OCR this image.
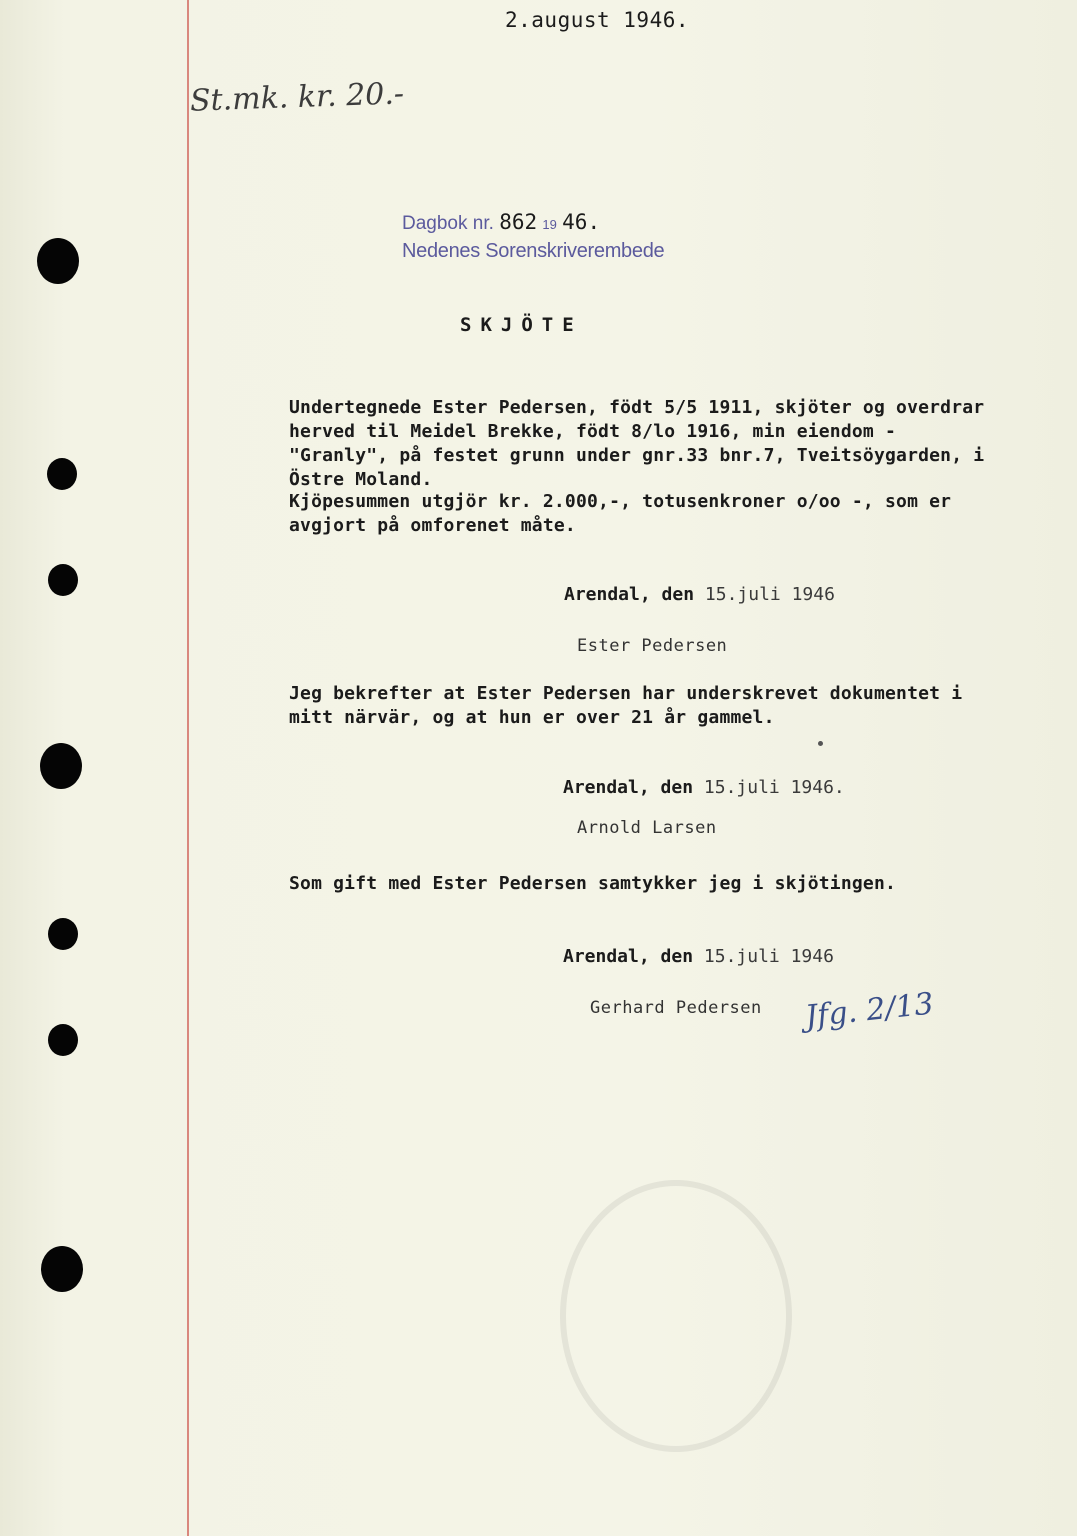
2.august 1946.
St.mk. kr. 20.-
Dagbok nr. 862 19 46.
Nedenes Sorenskriverembede
SKJÖTE
Undertegnede Ester Pedersen, födt 5/5 1911, skjöter og overdrar
herved til Meidel Brekke, födt 8/lo 1916, min eiendom -
"Granly", på festet grunn under gnr.33 bnr.7, Tveitsöygarden, i
Östre Moland.
Kjöpesummen utgjör kr. 2.000,-, totusenkroner o/oo -, som er
avgjort på omforenet måte.
Arendal, den 15.juli 1946
Ester Pedersen
Jeg bekrefter at Ester Pedersen har underskrevet dokumentet i
mitt närvär, og at hun er over 21 år gammel.
Arendal, den 15.juli 1946.
Arnold Larsen
Som gift med Ester Pedersen samtykker jeg i skjötingen.
Arendal, den 15.juli 1946
Gerhard Pedersen Jfg. 2/13
